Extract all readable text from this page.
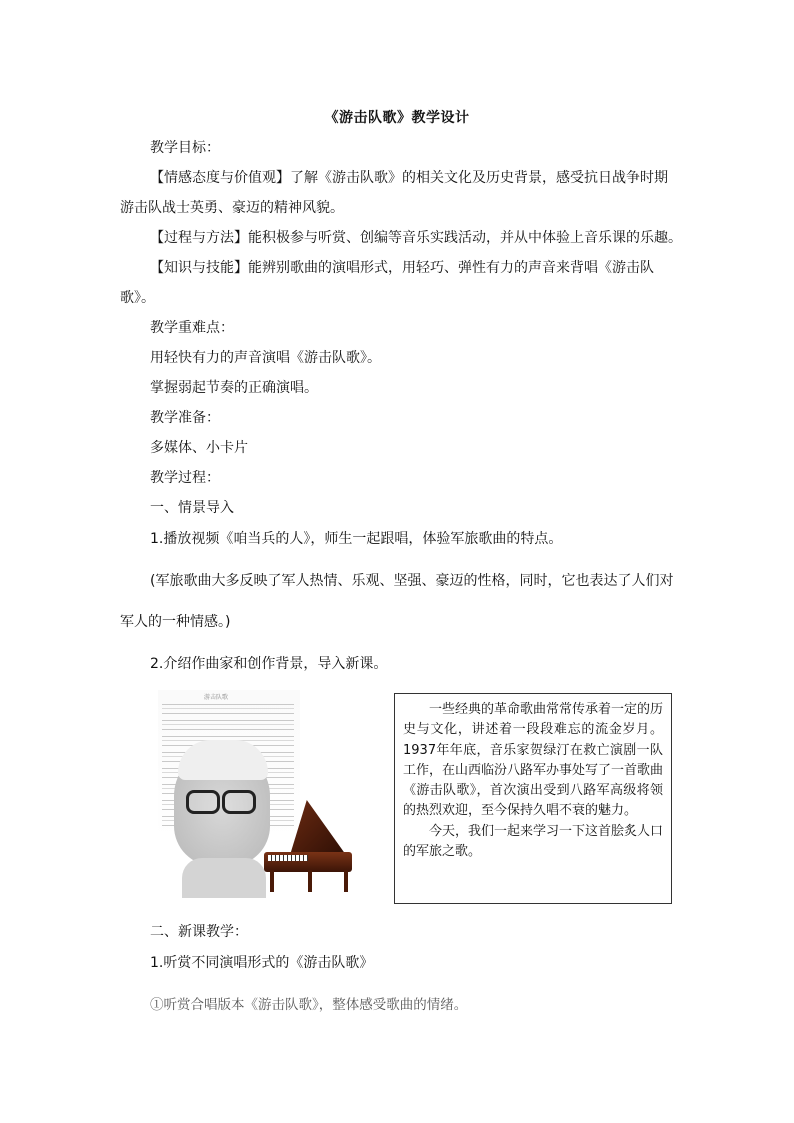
《游击队歌》教学设计
教学目标：
【情感态度与价值观】了解《游击队歌》的相关文化及历史背景，感受抗日战争时期
游击队战士英勇、豪迈的精神风貌。
【过程与方法】能积极参与听赏、创编等音乐实践活动，并从中体验上音乐课的乐趣。
【知识与技能】能辨别歌曲的演唱形式，用轻巧、弹性有力的声音来背唱《游击队
歌》。
教学重难点：
用轻快有力的声音演唱《游击队歌》。
掌握弱起节奏的正确演唱。
教学准备：
多媒体、小卡片
教学过程：
一、情景导入
1.播放视频《咱当兵的人》，师生一起跟唱，体验军旅歌曲的特点。
(军旅歌曲大多反映了军人热情、乐观、坚强、豪迈的性格，同时，它也表达了人们对
军人的一种情感。)
2.介绍作曲家和创作背景，导入新课。
游击队歌

一些经典的革命歌曲常常传承着一定的历史与文化，讲述着一段段难忘的流金岁月。1937年年底，音乐家贺绿汀在救亡演剧一队工作，在山西临汾八路军办事处写了一首歌曲《游击队歌》，首次演出受到八路军高级将领的热烈欢迎，至今保持久唱不衰的魅力。

今天，我们一起来学习一下这首脍炙人口的军旅之歌。

二、新课教学：
1.听赏不同演唱形式的《游击队歌》
①听赏合唱版本《游击队歌》，整体感受歌曲的情绪。
